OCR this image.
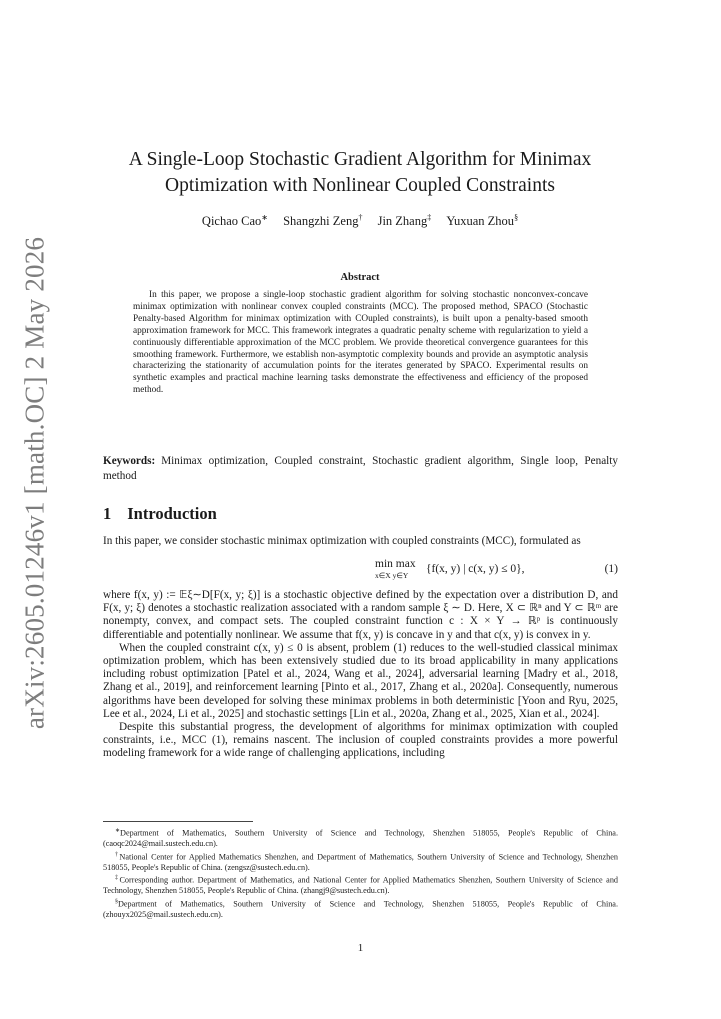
arXiv:2605.01246v1 [math.OC] 2 May 2026
A Single-Loop Stochastic Gradient Algorithm for Minimax
Optimization with Nonlinear Coupled Constraints
Qichao Cao∗ Shangzhi Zeng† Jin Zhang‡ Yuxuan Zhou§
Abstract
In this paper, we propose a single-loop stochastic gradient algorithm for solving stochastic nonconvex-concave minimax optimization with nonlinear convex coupled constraints (MCC). The proposed method, SPACO (Stochastic Penalty-based Algorithm for minimax optimization with COupled constraints), is built upon a penalty-based smooth approximation framework for MCC. This framework integrates a quadratic penalty scheme with regularization to yield a continuously differentiable approximation of the MCC problem. We provide theoretical convergence guarantees for this smoothing framework. Furthermore, we establish non-asymptotic complexity bounds and provide an asymptotic analysis characterizing the stationarity of accumulation points for the iterates generated by SPACO. Experimental results on synthetic examples and practical machine learning tasks demonstrate the effectiveness and efficiency of the proposed method.
Keywords: Minimax optimization, Coupled constraint, Stochastic gradient algorithm, Single loop, Penalty method
1 Introduction

In this paper, we consider stochastic minimax optimization with coupled constraints (MCC), formulated as

min max
x∈X y∈Y
{f(x, y) | c(x, y) ≤ 0},	(1)

where f(x, y) := 𝔼ξ∼D[F(x, y; ξ)] is a stochastic objective defined by the expectation over a distribution D, and F(x, y; ξ) denotes a stochastic realization associated with a random sample ξ ∼ D. Here, X ⊂ ℝⁿ and Y ⊂ ℝᵐ are nonempty, convex, and compact sets. The coupled constraint function c : X × Y → ℝᵖ is continuously differentiable and potentially nonlinear. We assume that f(x, y) is concave in y and that c(x, y) is convex in y.

When the coupled constraint c(x, y) ≤ 0 is absent, problem (1) reduces to the well-studied classical minimax optimization problem, which has been extensively studied due to its broad applicability in many applications including robust optimization [Patel et al., 2024, Wang et al., 2024], adversarial learning [Madry et al., 2018, Zhang et al., 2019], and reinforcement learning [Pinto et al., 2017, Zhang et al., 2020a]. Consequently, numerous algorithms have been developed for solving these minimax problems in both deterministic [Yoon and Ryu, 2025, Lee et al., 2024, Li et al., 2025] and stochastic settings [Lin et al., 2020a, Zhang et al., 2025, Xian et al., 2024].

Despite this substantial progress, the development of algorithms for minimax optimization with coupled constraints, i.e., MCC (1), remains nascent. The inclusion of coupled constraints provides a more powerful modeling framework for a wide range of challenging applications, including

∗Department of Mathematics, Southern University of Science and Technology, Shenzhen 518055, People's Republic of China. (caoqc2024@mail.sustech.edu.cn).

†National Center for Applied Mathematics Shenzhen, and Department of Mathematics, Southern University of Science and Technology, Shenzhen 518055, People's Republic of China. (zengsz@sustech.edu.cn).

‡Corresponding author. Department of Mathematics, and National Center for Applied Mathematics Shenzhen, Southern University of Science and Technology, Shenzhen 518055, People's Republic of China. (zhangj9@sustech.edu.cn).

§Department of Mathematics, Southern University of Science and Technology, Shenzhen 518055, People's Republic of China. (zhouyx2025@mail.sustech.edu.cn).

1
